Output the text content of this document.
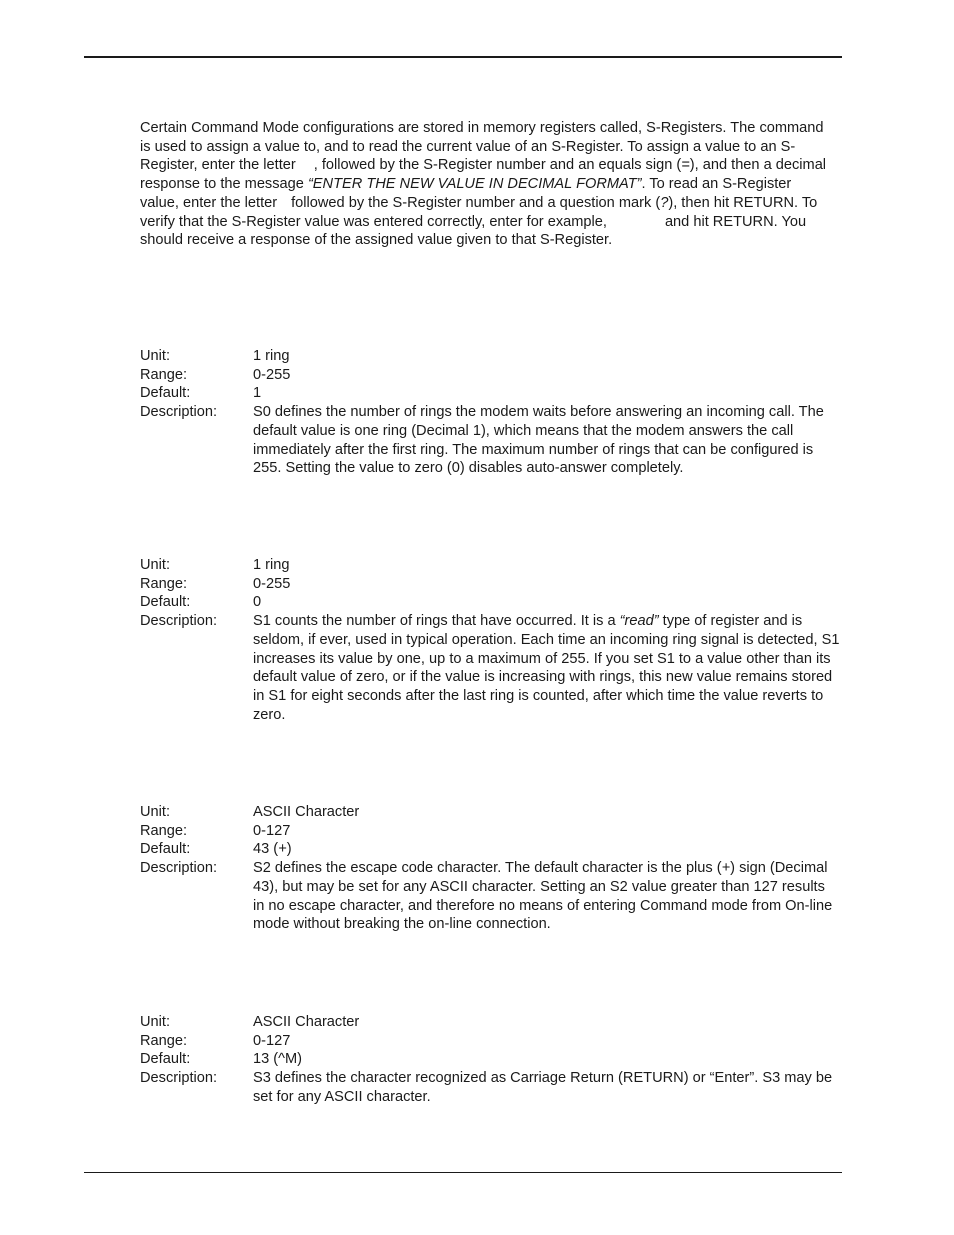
Certain Command Mode configurations are stored in memory registers called, S-Registers. The command is used to assign a value to, and to read the current value of an S-Register. To assign a value to an S-Register, enter the letter , followed by the S-Register number and an equals sign (=), and then a decimal response to the message “ENTER THE NEW VALUE IN DECIMAL FORMAT”. To read an S-Register value, enter the letter followed by the S-Register number and a question mark (?), then hit RETURN. To verify that the S-Register value was entered correctly, enter for example,	and hit RETURN. You should receive a response of the assigned value given to that S-Register.

Unit:	1 ring
Range:	0-255
Default:	1
Description:	S0 defines the number of rings the modem waits before answering an incoming call. The default value is one ring (Decimal 1), which means that the modem answers the call immediately after the first ring. The maximum number of rings that can be configured is 255. Setting the value to zero (0) disables auto-answer completely.
Unit:	1 ring
Range:	0-255
Default:	0
Description:	S1 counts the number of rings that have occurred. It is a “read” type of register and is seldom, if ever, used in typical operation. Each time an incoming ring signal is detected, S1 increases its value by one, up to a maximum of 255. If you set S1 to a value other than its default value of zero, or if the value is increasing with rings, this new value remains stored in S1 for eight seconds after the last ring is counted, after which time the value reverts to zero.
Unit:	ASCII Character
Range:	0-127
Default:	43 (+)
Description:	S2 defines the escape code character. The default character is the plus (+) sign (Decimal 43), but may be set for any ASCII character. Setting an S2 value greater than 127 results in no escape character, and therefore no means of entering Command mode from On-line mode without breaking the on-line connection.
Unit:	ASCII Character
Range:	0-127
Default:	13 (^M)
Description:	S3 defines the character recognized as Carriage Return (RETURN) or “Enter”. S3 may be set for any ASCII character.
